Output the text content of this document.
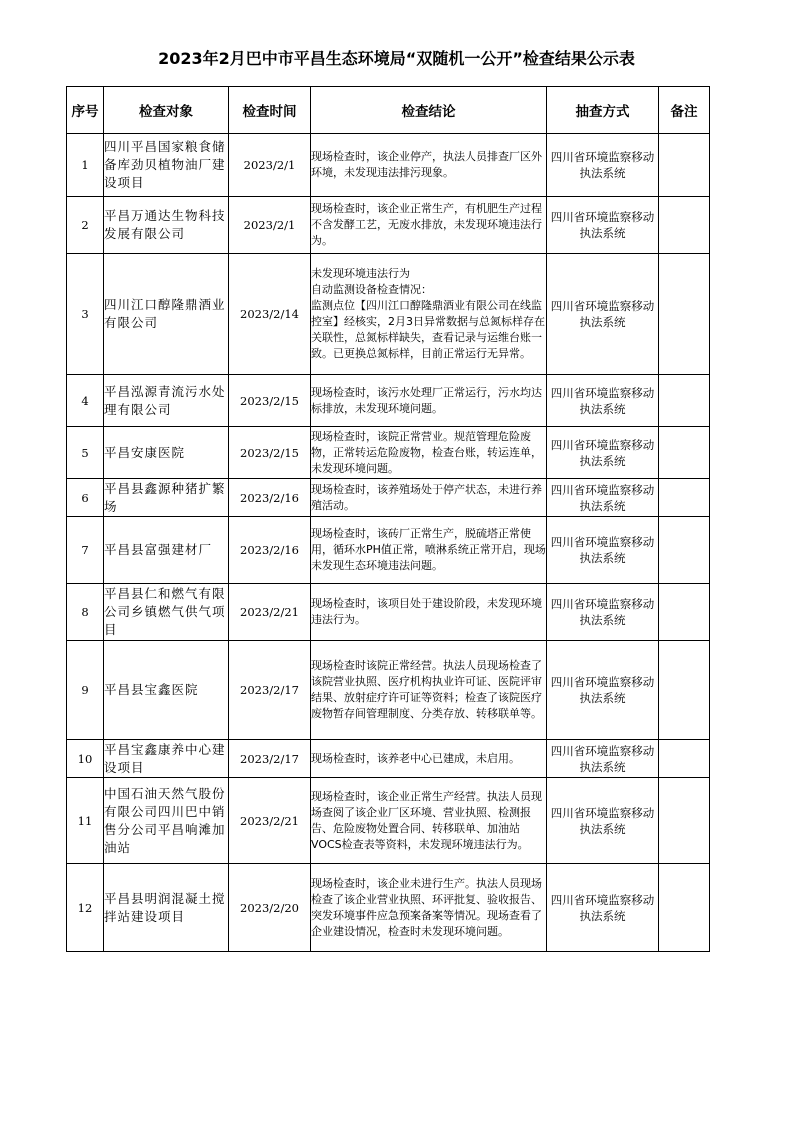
2023年2月巴中市平昌生态环境局“双随机一公开”检查结果公示表
序号	检查对象	检查时间	检查结论	抽查方式	备注
1	四川平昌国家粮食储备库劲贝植物油厂建设项目	2023/2/1	现场检查时，该企业停产，执法人员排查厂区外环境，未发现违法排污现象。	四川省环境监察移动执法系统	
2	平昌万通达生物科技发展有限公司	2023/2/1	现场检查时，该企业正常生产，有机肥生产过程不含发酵工艺，无废水排放，未发现环境违法行为。	四川省环境监察移动执法系统	
3	四川江口醇隆鼎酒业有限公司	2023/2/14	未发现环境违法行为
自动监测设备检查情况：
监测点位【四川江口醇隆鼎酒业有限公司在线监控室】经核实，2月3日异常数据与总氮标样存在关联性，总氮标样缺失，查看记录与运维台账一致。已更换总氮标样，目前正常运行无异常。	四川省环境监察移动执法系统	
4	平昌泓源青流污水处理有限公司	2023/2/15	现场检查时，该污水处理厂正常运行，污水均达标排放，未发现环境问题。	四川省环境监察移动执法系统	
5	平昌安康医院	2023/2/15	现场检查时，该院正常营业。规范管理危险废物，正常转运危险废物，检查台账，转运连单，未发现环境问题。	四川省环境监察移动执法系统	
6	平昌县鑫源种猪扩繁场	2023/2/16	现场检查时，该养殖场处于停产状态，未进行养殖活动。	四川省环境监察移动执法系统	
7	平昌县富强建材厂	2023/2/16	现场检查时，该砖厂正常生产，脱硫塔正常使用，循环水PH值正常，喷淋系统正常开启，现场未发现生态环境违法问题。	四川省环境监察移动执法系统	
8	平昌县仁和燃气有限公司乡镇燃气供气项目	2023/2/21	现场检查时，该项目处于建设阶段，未发现环境违法行为。	四川省环境监察移动执法系统	
9	平昌县宝鑫医院	2023/2/17	现场检查时该院正常经营。执法人员现场检查了该院营业执照、医疗机构执业许可证、医院评审结果、放射症疗许可证等资料；检查了该院医疗废物暂存间管理制度、分类存放、转移联单等。	四川省环境监察移动执法系统	
10	平昌宝鑫康养中心建设项目	2023/2/17	现场检查时，该养老中心已建成，未启用。	四川省环境监察移动执法系统	
11	中国石油天然气股份有限公司四川巴中销售分公司平昌响滩加油站	2023/2/21	现场检查时，该企业正常生产经营。执法人员现场查阅了该企业厂区环境、营业执照、检测报告、危险废物处置合同、转移联单、加油站VOCS检查表等资料，未发现环境违法行为。	四川省环境监察移动执法系统	
12	平昌县明润混凝土搅拌站建设项目	2023/2/20	现场检查时，该企业未进行生产。执法人员现场检查了该企业营业执照、环评批复、验收报告、突发环境事件应急预案备案等情况。现场查看了企业建设情况，检查时未发现环境问题。	四川省环境监察移动执法系统	
